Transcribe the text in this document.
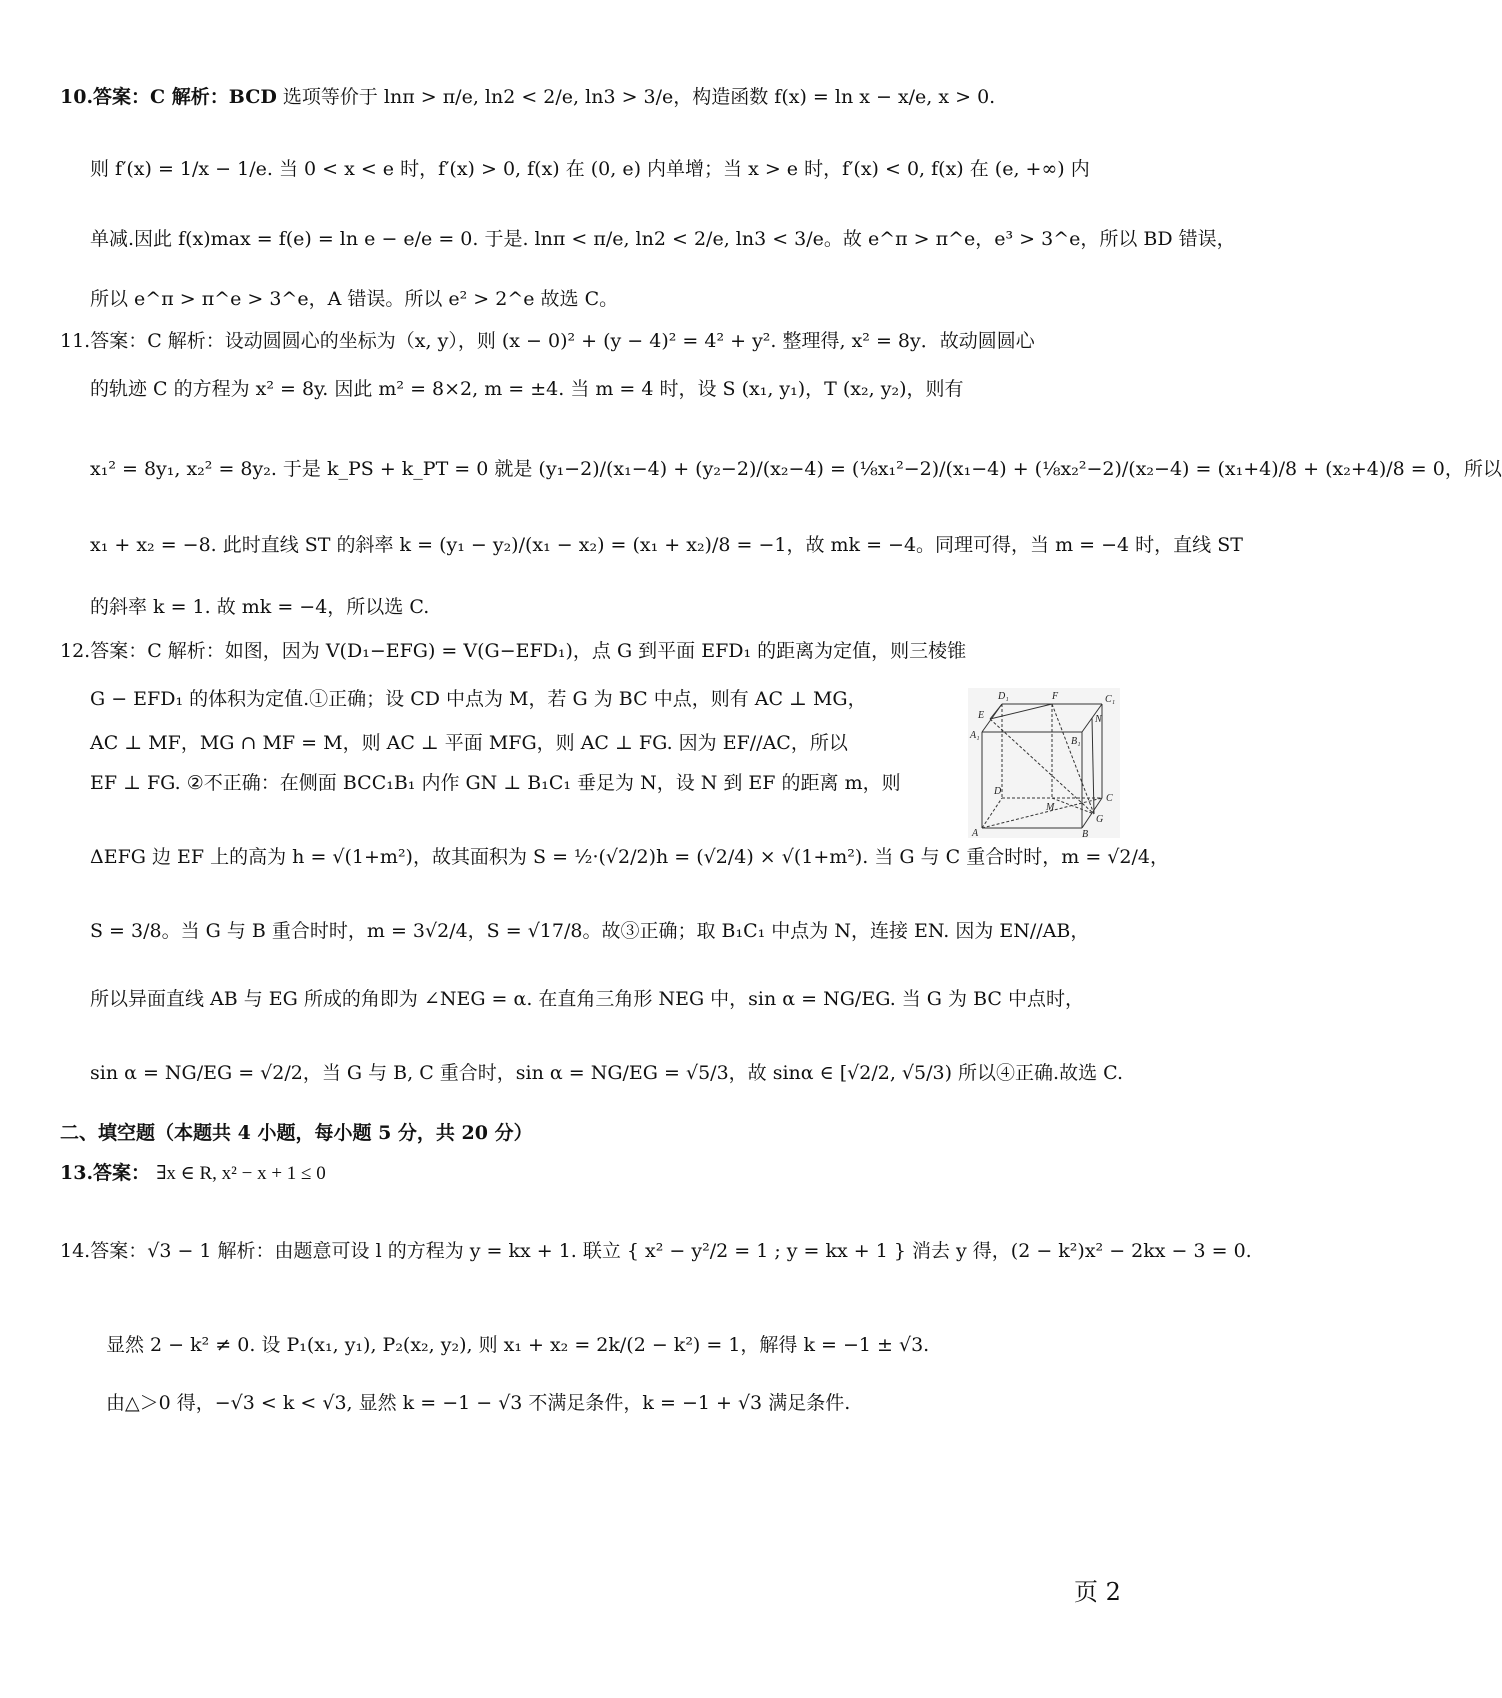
10.答案：C 解析：BCD 选项等价于 lnπ > π/e, ln2 < 2/e, ln3 > 3/e，构造函数 f(x) = ln x − x/e, x > 0.
则 f′(x) = 1/x − 1/e. 当 0 < x < e 时，f′(x) > 0, f(x) 在 (0, e) 内单增；当 x > e 时，f′(x) < 0, f(x) 在 (e, +∞) 内
单减.因此 f(x)max = f(e) = ln e − e/e = 0. 于是. lnπ < π/e, ln2 < 2/e, ln3 < 3/e。故 e^π > π^e，e³ > 3^e，所以 BD 错误，
所以 e^π > π^e > 3^e，A 错误。所以 e² > 2^e 故选 C。
11.答案：C 解析：设动圆圆心的坐标为（x, y），则 (x − 0)² + (y − 4)² = 4² + y². 整理得, x² = 8y．故动圆圆心
的轨迹 C 的方程为 x² = 8y. 因此 m² = 8×2, m = ±4. 当 m = 4 时，设 S (x₁, y₁)，T (x₂, y₂)，则有
x₁² = 8y₁, x₂² = 8y₂. 于是 k_PS + k_PT = 0 就是 (y₁−2)/(x₁−4) + (y₂−2)/(x₂−4) = (⅛x₁²−2)/(x₁−4) + (⅛x₂²−2)/(x₂−4) = (x₁+4)/8 + (x₂+4)/8 = 0，所以
x₁ + x₂ = −8. 此时直线 ST 的斜率 k = (y₁ − y₂)/(x₁ − x₂) = (x₁ + x₂)/8 = −1，故 mk = −4。同理可得，当 m = −4 时，直线 ST
的斜率 k = 1. 故 mk = −4，所以选 C.
12.答案：C 解析：如图，因为 V(D₁−EFG) = V(G−EFD₁)，点 G 到平面 EFD₁ 的距离为定值，则三棱锥
G − EFD₁ 的体积为定值.①正确；设 CD 中点为 M，若 G 为 BC 中点，则有 AC ⊥ MG，
AC ⊥ MF，MG ∩ MF = M，则 AC ⊥ 平面 MFG，则 AC ⊥ FG. 因为 EF//AC，所以
EF ⊥ FG. ②不正确：在侧面 BCC₁B₁ 内作 GN ⊥ B₁C₁ 垂足为 N，设 N 到 EF 的距离 m，则
ΔEFG 边 EF 上的高为 h = √(1+m²)，故其面积为 S = ½·(√2/2)h = (√2/4) × √(1+m²). 当 G 与 C 重合时时，m = √2/4，
S = 3/8。当 G 与 B 重合时时，m = 3√2/4，S = √17/8。故③正确；取 B₁C₁ 中点为 N，连接 EN. 因为 EN//AB，
所以异面直线 AB 与 EG 所成的角即为 ∠NEG = α. 在直角三角形 NEG 中，sin α = NG/EG. 当 G 为 BC 中点时，
sin α = NG/EG = √2/2，当 G 与 B, C 重合时，sin α = NG/EG = √5/3，故 sinα ∈ [√2/2, √5/3) 所以④正确.故选 C.
D₁	F	C₁
E
A₁
B₁
N
D
M
C
G
A	B
二、填空题（本题共 4 小题，每小题 5 分，共 20 分）
13.答案： ∃x ∈ R, x² − x + 1 ≤ 0
14.答案：√3 − 1 解析：由题意可设 l 的方程为 y = kx + 1. 联立 { x² − y²/2 = 1 ; y = kx + 1 } 消去 y 得，(2 − k²)x² − 2kx − 3 = 0.
显然 2 − k² ≠ 0. 设 P₁(x₁, y₁), P₂(x₂, y₂), 则 x₁ + x₂ = 2k/(2 − k²) = 1，解得 k = −1 ± √3.
由△＞0 得，−√3 < k < √3, 显然 k = −1 − √3 不满足条件，k = −1 + √3 满足条件.
页 2
